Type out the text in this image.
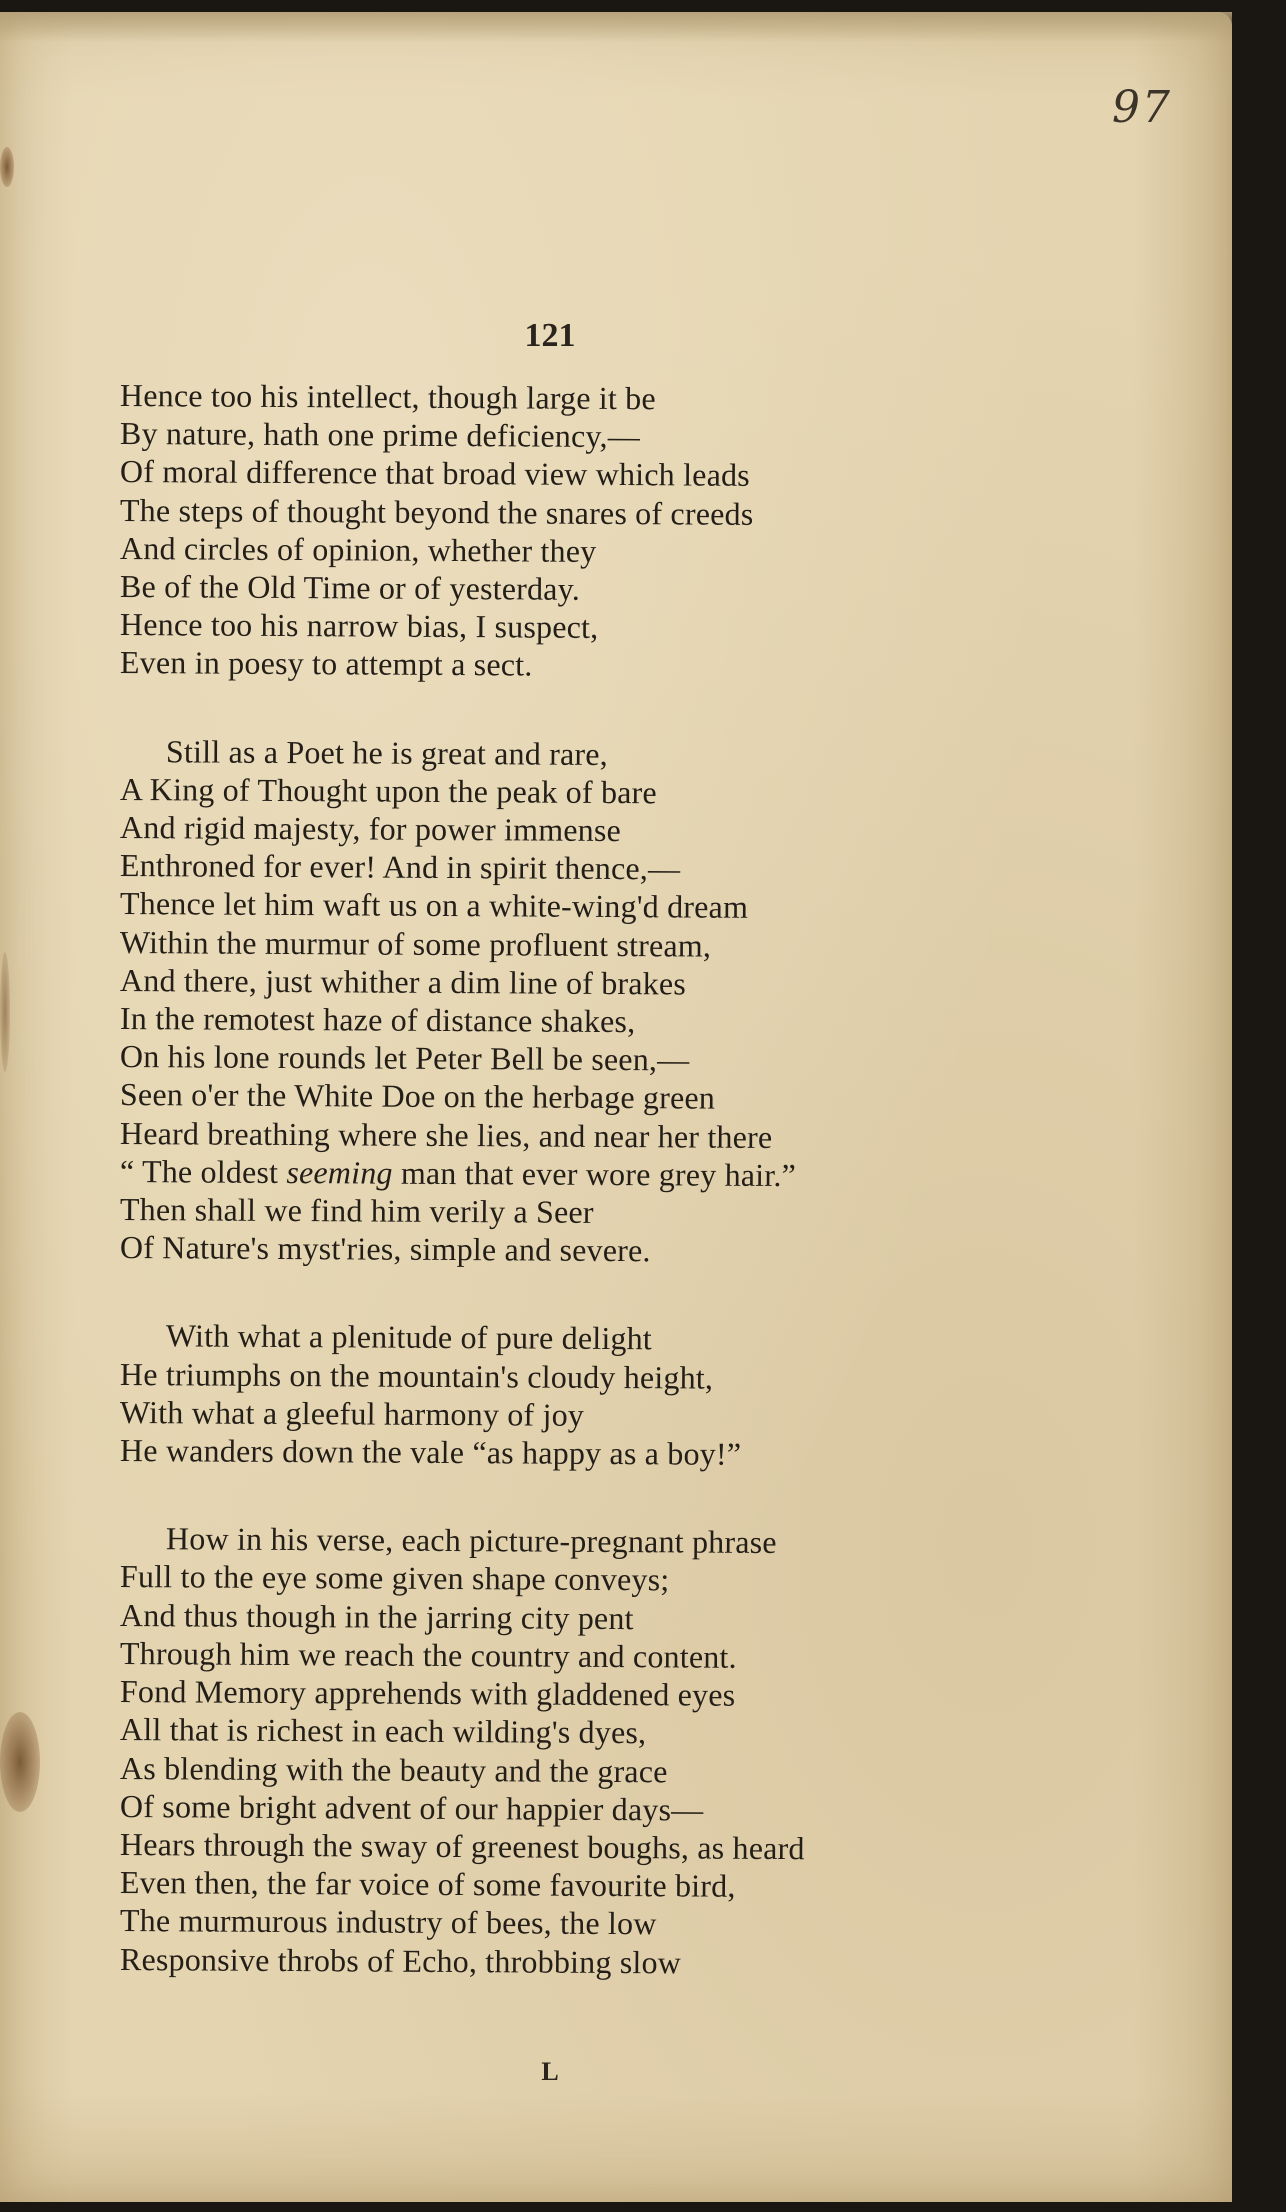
97
121
Hence too his intellect, though large it be
By nature, hath one prime deficiency,—
Of moral difference that broad view which leads
The steps of thought beyond the snares of creeds
And circles of opinion, whether they
Be of the Old Time or of yesterday.
Hence too his narrow bias, I suspect,
Even in poesy to attempt a sect.
Still as a Poet he is great and rare,
A King of Thought upon the peak of bare
And rigid majesty, for power immense
Enthroned for ever! And in spirit thence,—
Thence let him waft us on a white-wing'd dream
Within the murmur of some profluent stream,
And there, just whither a dim line of brakes
In the remotest haze of distance shakes,
On his lone rounds let Peter Bell be seen,—
Seen o'er the White Doe on the herbage green
Heard breathing where she lies, and near her there
“ The oldest seeming man that ever wore grey hair.”
Then shall we find him verily a Seer
Of Nature's myst'ries, simple and severe.
With what a plenitude of pure delight
He triumphs on the mountain's cloudy height,
With what a gleeful harmony of joy
He wanders down the vale “as happy as a boy!”
How in his verse, each picture-pregnant phrase
Full to the eye some given shape conveys;
And thus though in the jarring city pent
Through him we reach the country and content.
Fond Memory apprehends with gladdened eyes
All that is richest in each wilding's dyes,
As blending with the beauty and the grace
Of some bright advent of our happier days—
Hears through the sway of greenest boughs, as heard
Even then, the far voice of some favourite bird,
The murmurous industry of bees, the low
Responsive throbs of Echo, throbbing slow
L
